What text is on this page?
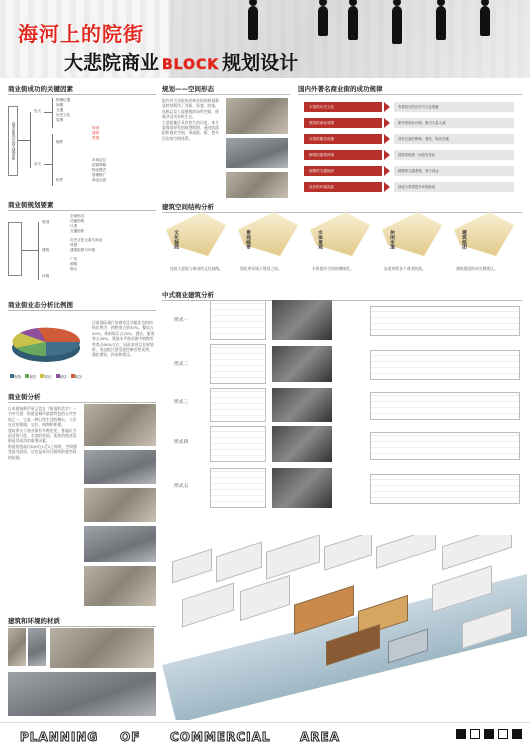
海河上的院街
大悲院商业 BLOCK 规划设计
商业街成功的关键因素
商业街成功的关键因素
先天
后天
物理位置
规模
交通
历史文化
氛围
硬件
软件
规划
建筑
景观
市场定位
招商策略
物业模式
管理推广
商业运营
商业街规划要素
规划
建筑
环境
空间形态
功能结构
尺度
交通组织
历史文化元素与商业
风格
建筑组团与环境
广告
照明
指示
商业街业态分析比例图
购物	餐饮	娱乐	酒店	服务
目前国际通行的商业区功能业态的结构比例为：购物类占到30%，餐饮占20%，休闲娱乐占20%，酒店、服务等占30%。我国水平商业街中购物零售类占80%左右，因此本项目在规划时，业态配比要适度控制零售比例，强化餐饮、休闲和娱乐。
商业街分析
日本建筑师芦原义信在《街道的美学》一书中写道：街道是城市最富特色的公共空间之一，它是一种日常生活的舞台，人们在这里相遇、交往、购物和休憩。
建筑界关于商业街有多种论述，普遍认为舒适的尺度、丰富的界面、连续的商业氛围是其成功的重要因素。
街道的宽高比D/H在1至2之间时，空间感受最为舒适，这也是本设计组织街巷空间的依据。
建筑和环境的材质
规划——空间形态
院内外大杂院成功商业街的规划都是特别利用了邻街、街巷、院落、连廊以及人流聚集的场所空间，使商业活动有机生长。
大悲院地区具有悠久的历史，本方案保留原有的街巷肌理，通过院落组织商业空间，形成院、街、巷多层次的空间体系。
建筑空间结构分析
文化轴线	景观绿带	水体景观	休闲步道	建筑组团
连接大悲院与海河的文化轴线。	绿化带穿插于建筑之间。	水景提升空间的趣味性。	步道串联各个商业院落。	建筑组团形成完整街区。
中式商业建筑分析
形式一
形式二
形式三
形式四
形式五
国内外著名商业街的成功规律
丰富的历史文化	有着悠久的历史与文化底蕴
强烈的商业氛围	繁华的商业环境，吸引大量人流
完善的服务设施	具有完备的购物、餐饮、娱乐设施
鲜明的建筑风格	建筑风格统一而富有变化
便捷的交通组织	便捷的交通系统，易于到达
良好的环境品质	绿化与景观提升环境品质
PLANNING OF COMMERCIAL AREA
